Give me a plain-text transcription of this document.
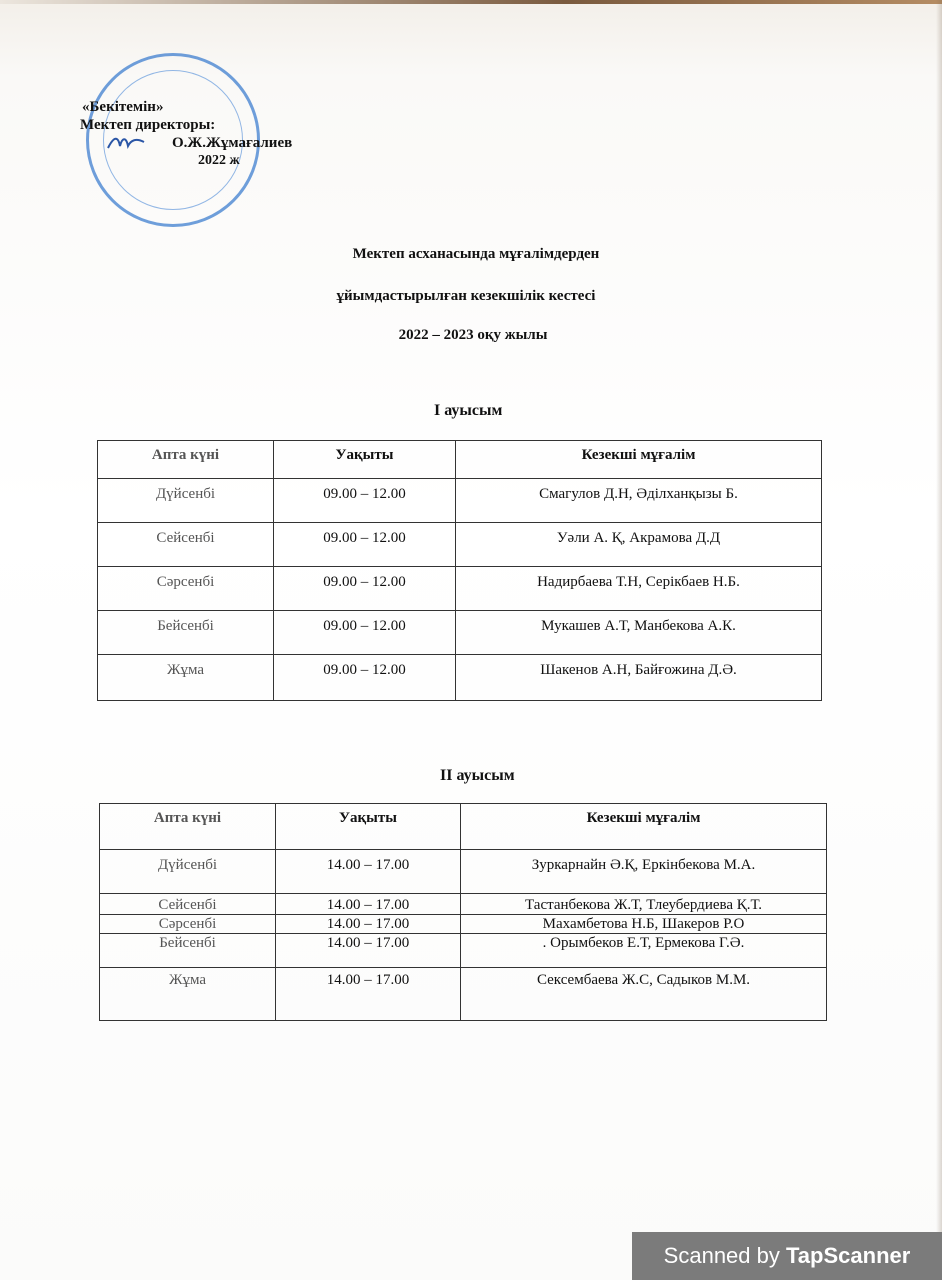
«Бекітемін»
Мектеп директоры:
О.Ж.Жұмағалиев
2022 ж
Мектеп асханасында мұғалімдерден
ұйымдастырылған кезекшілік кестесі
2022 – 2023 оқу жылы
І ауысым
Апта күні	Уақыты	Кезекші мұғалім
Дүйсенбі	09.00 – 12.00	Смагулов Д.Н, Әділханқызы Б.
Сейсенбі	09.00 – 12.00	Уәли А. Қ, Акрамова Д.Д
Сәрсенбі	09.00 – 12.00	Надирбаева Т.Н, Серікбаев Н.Б.
Бейсенбі	09.00 – 12.00	Мукашев А.Т, Манбекова А.К.
Жұма	09.00 – 12.00	Шакенов А.Н, Байғожина Д.Ә.
ІІ ауысым
Апта күні	Уақыты	Кезекші мұғалім
Дүйсенбі	14.00 – 17.00	Зуркарнайн Ә.Қ, Еркінбекова М.А.
Сейсенбі	14.00 – 17.00	Тастанбекова Ж.Т, Тлеубердиева Қ.Т.
Сәрсенбі	14.00 – 17.00	Махамбетова Н.Б, Шакеров Р.О
Бейсенбі	14.00 – 17.00	. Орымбеков Е.Т, Ермекова Г.Ә.
Жұма	14.00 – 17.00	Сексембаева Ж.С, Садыков М.М.
Scanned by TapScanner
